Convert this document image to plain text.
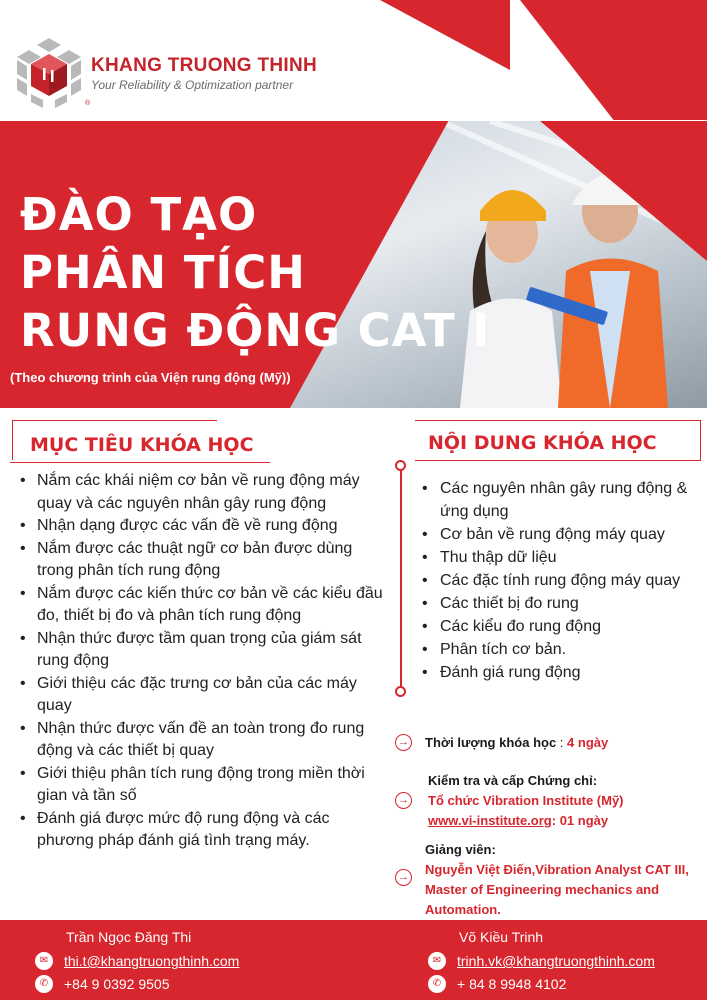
KHANG TRUONG THINH
Your Reliability & Optimization partner
®
ĐÀO TẠO
PHÂN TÍCH
RUNG ĐỘNG CAT I
(Theo chương trình của Viện rung động (Mỹ))
MỤC TIÊU KHÓA HỌC	NỘI DUNG KHÓA HỌC
• Nắm các khái niệm cơ bản về rung động máy quay và các nguyên nhân gây rung động
• Nhận dạng được các vấn đề về rung động
• Nắm được các thuật ngữ cơ bản được dùng trong phân tích rung động
• Nắm được các kiến thức cơ bản về các kiểu đầu đo, thiết bị đo và phân tích rung động
• Nhận thức được tầm quan trọng của giám sát rung động
• Giới thiệu các đặc trưng cơ bản của các máy quay
• Nhận thức được vấn đề an toàn trong đo rung động và các thiết bị quay
• Giới thiệu phân tích rung động trong miền thời gian và tần số
• Đánh giá được mức độ rung động và các phương pháp đánh giá tình trạng máy.
• Các nguyên nhân gây rung động & ứng dụng
• Cơ bản về rung động máy quay
• Thu thập dữ liệu
• Các đặc tính rung động máy quay
• Các thiết bị đo rung
• Các kiểu đo rung động
• Phân tích cơ bản.
• Đánh giá rung động
→ Thời lượng khóa học : 4 ngày
→
Kiểm tra và cấp Chứng chỉ:
Tổ chức Vibration Institute (Mỹ)
www.vi-institute.org: 01 ngày
→
Giảng viên:
Nguyễn Việt Điến,Vibration Analyst CAT III,
Master of Engineering mechanics and
Automation.
Trần Ngọc Đăng Thi
✉	thi.t@khangtruongthinh.com
✆	+84 9 0392 9505
Võ Kiều Trinh
✉	trinh.vk@khangtruongthinh.com
✆	+ 84 8 9948 4102
